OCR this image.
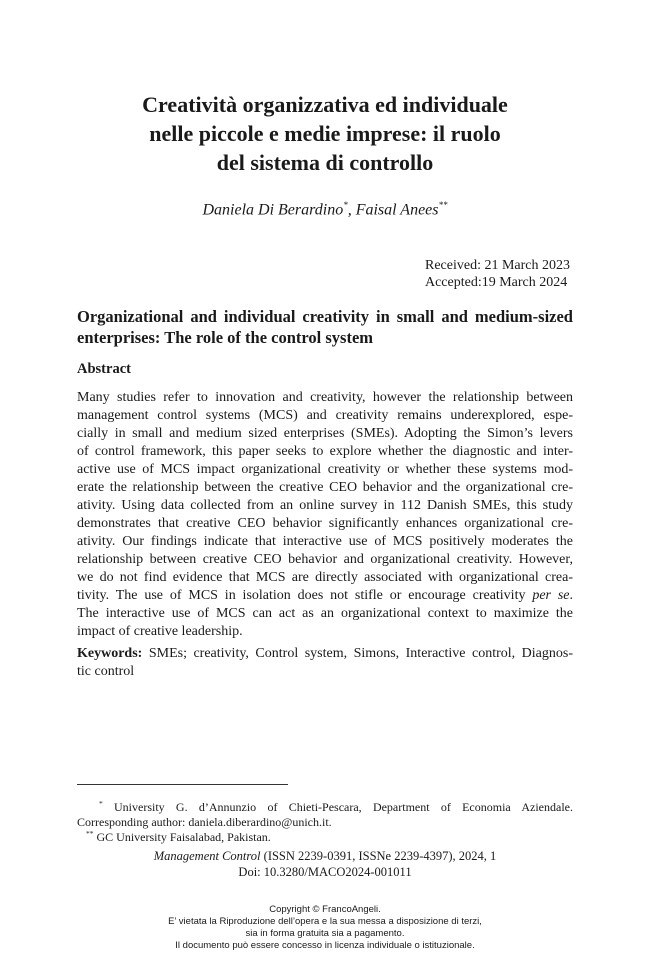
Creatività organizzativa ed individuale
nelle piccole e medie imprese: il ruolo
del sistema di controllo
Daniela Di Berardino*, Faisal Anees**
Received: 21 March 2023
Accepted:19 March 2024
Organizational and individual creativity in small and medium-sized enterprises: The role of the control system
Abstract
Many studies refer to innovation and creativity, however the relationship between
management control systems (MCS) and creativity remains underexplored, espe-
cially in small and medium sized enterprises (SMEs). Adopting the Simon’s levers
of control framework, this paper seeks to explore whether the diagnostic and inter-
active use of MCS impact organizational creativity or whether these systems mod-
erate the relationship between the creative CEO behavior and the organizational cre-
ativity. Using data collected from an online survey in 112 Danish SMEs, this study
demonstrates that creative CEO behavior significantly enhances organizational cre-
ativity. Our findings indicate that interactive use of MCS positively moderates the
relationship between creative CEO behavior and organizational creativity. However,
we do not find evidence that MCS are directly associated with organizational crea-
tivity. The use of MCS in isolation does not stifle or encourage creativity per se.
The interactive use of MCS can act as an organizational context to maximize the
impact of creative leadership.
Keywords: SMEs; creativity, Control system, Simons, Interactive control, Diagnos-
tic control
* University G. d’Annunzio of Chieti-Pescara, Department of Economia Aziendale.
Corresponding author: daniela.diberardino@unich.it.
** GC University Faisalabad, Pakistan.
Management Control (ISSN 2239-0391, ISSNe 2239-4397), 2024, 1
Doi: 10.3280/MACO2024-001011
Copyright © FrancoAngeli.
E’ vietata la Riproduzione dell’opera e la sua messa a disposizione di terzi,
sia in forma gratuita sia a pagamento.
Il documento può essere concesso in licenza individuale o istituzionale.
